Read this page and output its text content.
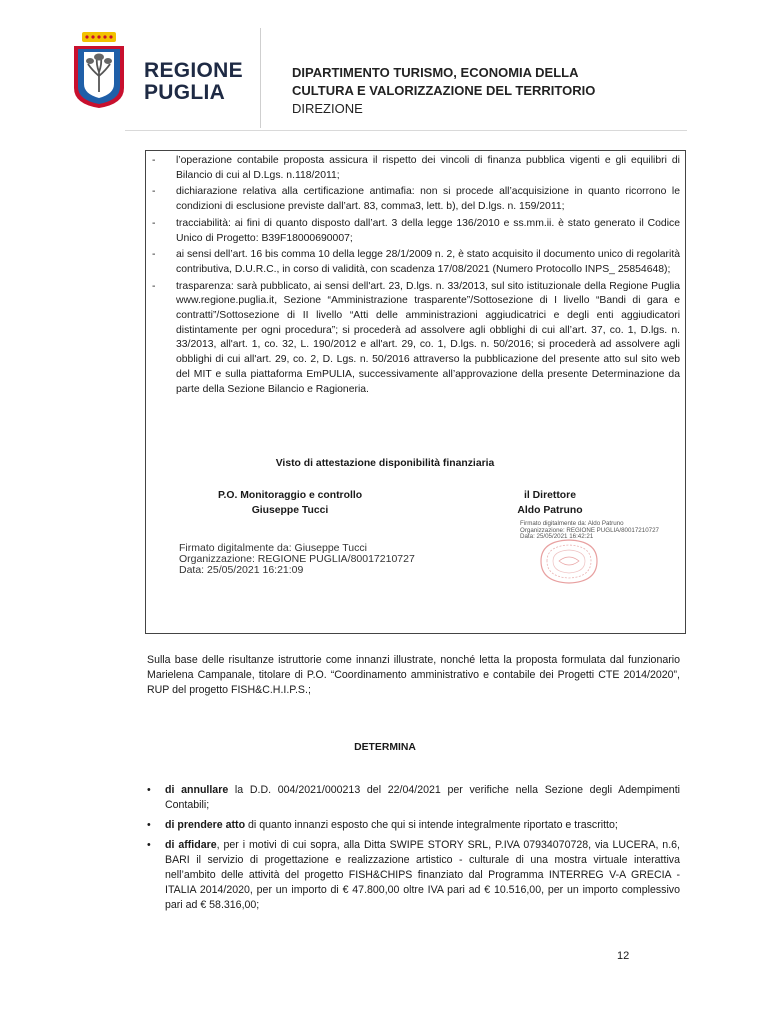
REGIONE
PUGLIA
DIPARTIMENTO TURISMO, ECONOMIA DELLA
CULTURA E VALORIZZAZIONE DEL TERRITORIO
DIREZIONE
- l’operazione contabile proposta assicura il rispetto dei vincoli di finanza pubblica vigenti e gli equilibri di Bilancio di cui al D.Lgs. n.118/2011;
- dichiarazione relativa alla certificazione antimafia: non si procede all’acquisizione in quanto ricorrono le condizioni di esclusione previste dall’art. 83, comma3, lett. b), del D.lgs. n. 159/2011;
- tracciabilità: ai fini di quanto disposto dall’art. 3 della legge 136/2010 e ss.mm.ii. è stato generato il Codice Unico di Progetto: B39F18000690007;
- ai sensi dell’art. 16 bis comma 10 della legge 28/1/2009 n. 2, è stato acquisito il documento unico di regolarità contributiva, D.U.R.C., in corso di validità, con scadenza 17/08/2021 (Numero Protocollo INPS_ 25854648);
- trasparenza: sarà pubblicato, ai sensi dell'art. 23, D.lgs. n. 33/2013, sul sito istituzionale della Regione Puglia www.regione.puglia.it, Sezione “Amministrazione trasparente”/Sottosezione di I livello “Bandi di gara e contratti”/Sottosezione di II livello “Atti delle amministrazioni aggiudicatrici e degli enti aggiudicatori distintamente per ogni procedura”; si procederà ad assolvere agli obblighi di cui all’art. 37, co. 1, D.lgs. n. 33/2013, all'art. 1, co. 32, L. 190/2012 e all'art. 29, co. 1, D.lgs. n. 50/2016; si procederà ad assolvere agli obblighi di cui all'art. 29, co. 2, D. Lgs. n. 50/2016 attraverso la pubblicazione del presente atto sul sito web del MIT e sulla piattaforma EmPULIA, successivamente all’approvazione della presente Determinazione da parte della Sezione Bilancio e Ragioneria.
Visto di attestazione disponibilità finanziaria
P.O. Monitoraggio e controllo
Giuseppe Tucci
il Direttore
Aldo Patruno
Firmato digitalmente da: Aldo Patruno
Organizzazione: REGIONE PUGLIA/80017210727
Data: 25/05/2021 16:42:21
Firmato digitalmente da: Giuseppe Tucci
Organizzazione: REGIONE PUGLIA/80017210727
Data: 25/05/2021 16:21:09
Sulla base delle risultanze istruttorie come innanzi illustrate, nonché letta la proposta formulata dal funzionario Marielena Campanale, titolare di P.O. “Coordinamento amministrativo e contabile dei Progetti CTE 2014/2020”, RUP del progetto FISH&C.H.I.P.S.;
DETERMINA
• di annullare la D.D. 004/2021/000213 del 22/04/2021 per verifiche nella Sezione degli Adempimenti Contabili;
• di prendere atto di quanto innanzi esposto che qui si intende integralmente riportato e trascritto;
• di affidare, per i motivi di cui sopra, alla Ditta SWIPE STORY SRL, P.IVA 07934070728, via LUCERA, n.6, BARI il servizio di progettazione e realizzazione artistico - culturale di una mostra virtuale interattiva nell’ambito delle attività del progetto FISH&CHIPS finanziato dal Programma INTERREG V-A GRECIA - ITALIA 2014/2020, per un importo di € 47.800,00 oltre IVA pari ad € 10.516,00, per un importo complessivo pari ad € 58.316,00;
12
